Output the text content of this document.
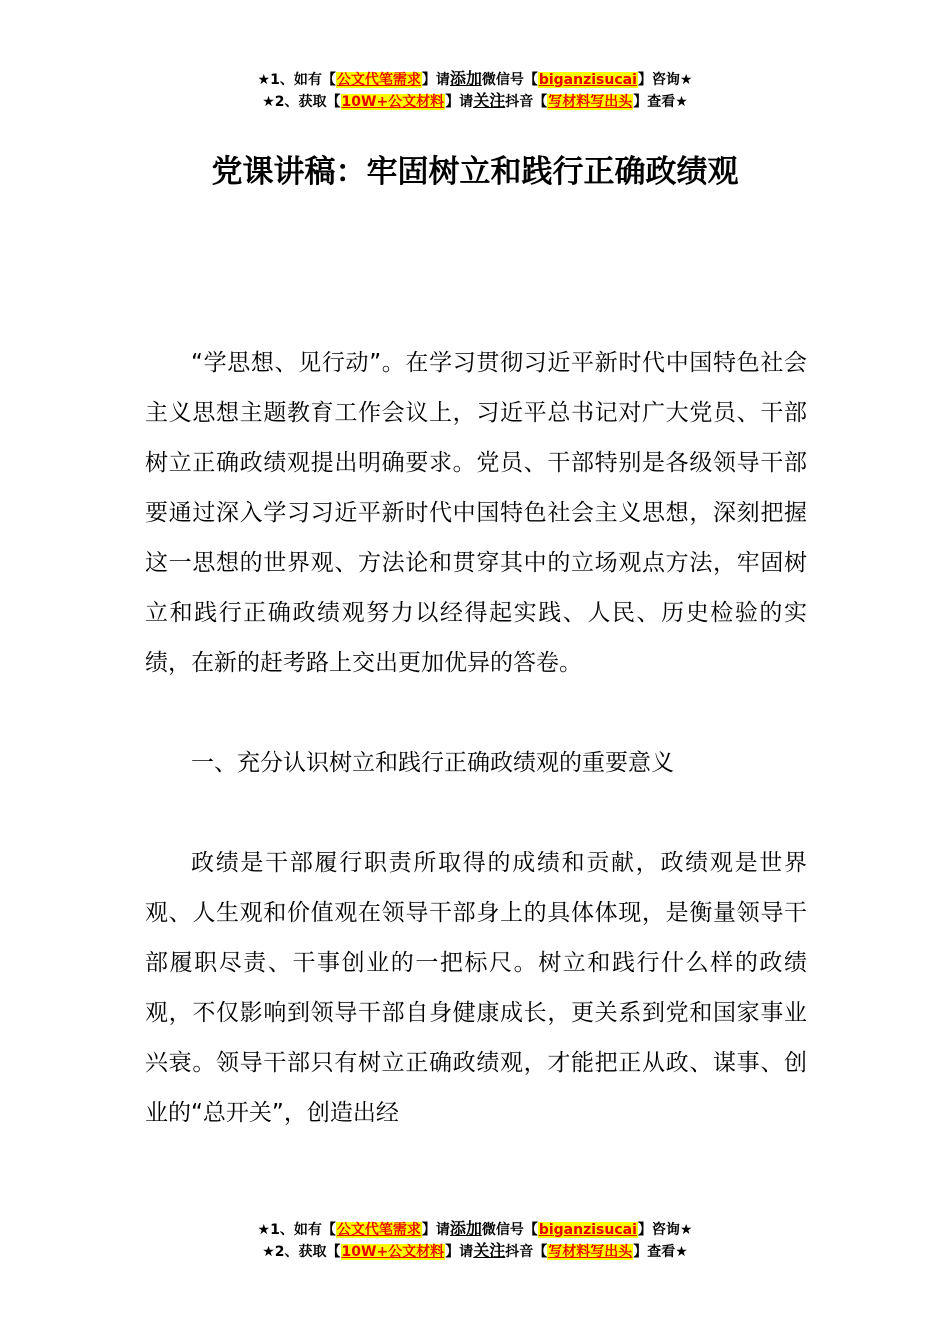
★1、如有【公文代笔需求】请添加微信号【biganzisucai】咨询★
★2、获取【10W+公文材料】请关注抖音【写材料写出头】查看★
党课讲稿：牢固树立和践行正确政绩观

“学思想、见行动”。在学习贯彻习近平新时代中国特色社会主义思想主题教育工作会议上，习近平总书记对广大党员、干部树立正确政绩观提出明确要求。党员、干部特别是各级领导干部要通过深入学习习近平新时代中国特色社会主义思想，深刻把握这一思想的世界观、方法论和贯穿其中的立场观点方法，牢固树立和践行正确政绩观努力以经得起实践、人民、历史检验的实绩，在新的赶考路上交出更加优异的答卷。

一、充分认识树立和践行正确政绩观的重要意义

政绩是干部履行职责所取得的成绩和贡献，政绩观是世界观、人生观和价值观在领导干部身上的具体体现，是衡量领导干部履职尽责、干事创业的一把标尺。树立和践行什么样的政绩观，不仅影响到领导干部自身健康成长，更关系到党和国家事业兴衰。领导干部只有树立正确政绩观，才能把正从政、谋事、创业的“总开关”，创造出经

★1、如有【公文代笔需求】请添加微信号【biganzisucai】咨询★
★2、获取【10W+公文材料】请关注抖音【写材料写出头】查看★
